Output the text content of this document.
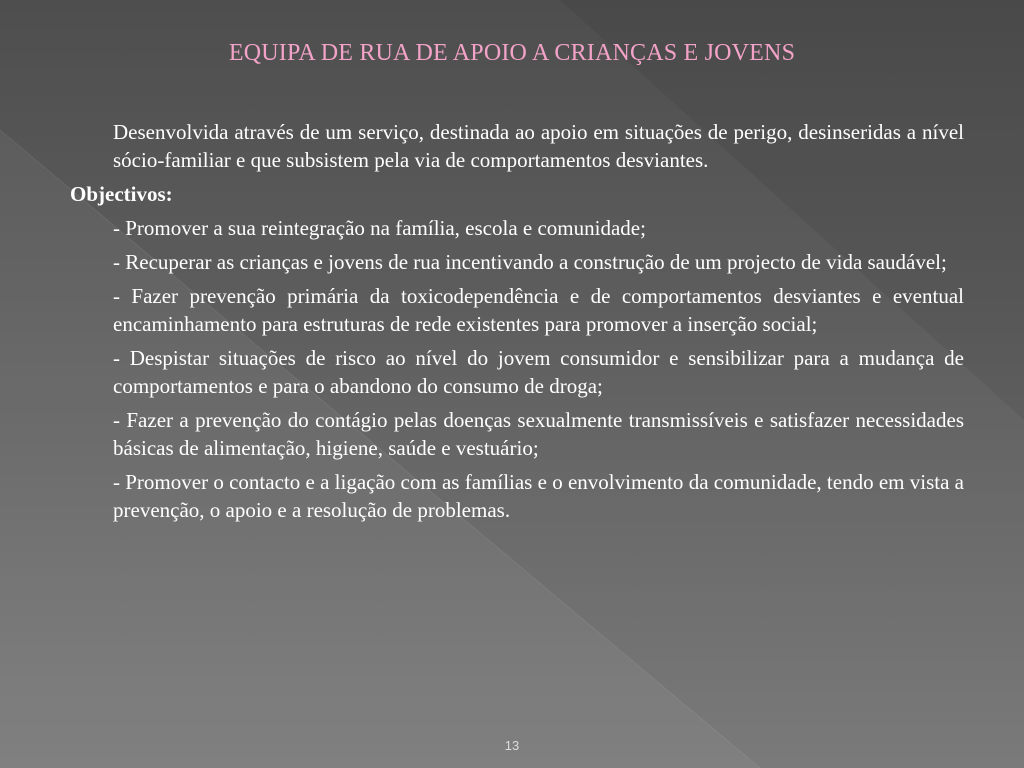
EQUIPA DE RUA DE APOIO A CRIANÇAS E JOVENS

Desenvolvida através de um serviço, destinada ao apoio em situações de perigo, desinseridas a nível sócio-familiar e que subsistem pela via de comportamentos desviantes.

Objectivos:

- Promover a sua reintegração na família, escola e comunidade;

- Recuperar as crianças e jovens de rua incentivando a construção de um projecto de vida saudável;

- Fazer prevenção primária da toxicodependência e de comportamentos desviantes e eventual encaminhamento para estruturas de rede existentes para promover a inserção social;

- Despistar situações de risco ao nível do jovem consumidor e sensibilizar para a mudança de comportamentos e para o abandono do consumo de droga;

- Fazer a prevenção do contágio pelas doenças sexualmente transmissíveis e satisfazer necessidades básicas de alimentação, higiene, saúde e vestuário;

- Promover o contacto e a ligação com as famílias e o envolvimento da comunidade, tendo em vista a prevenção, o apoio e a resolução de problemas.

13
